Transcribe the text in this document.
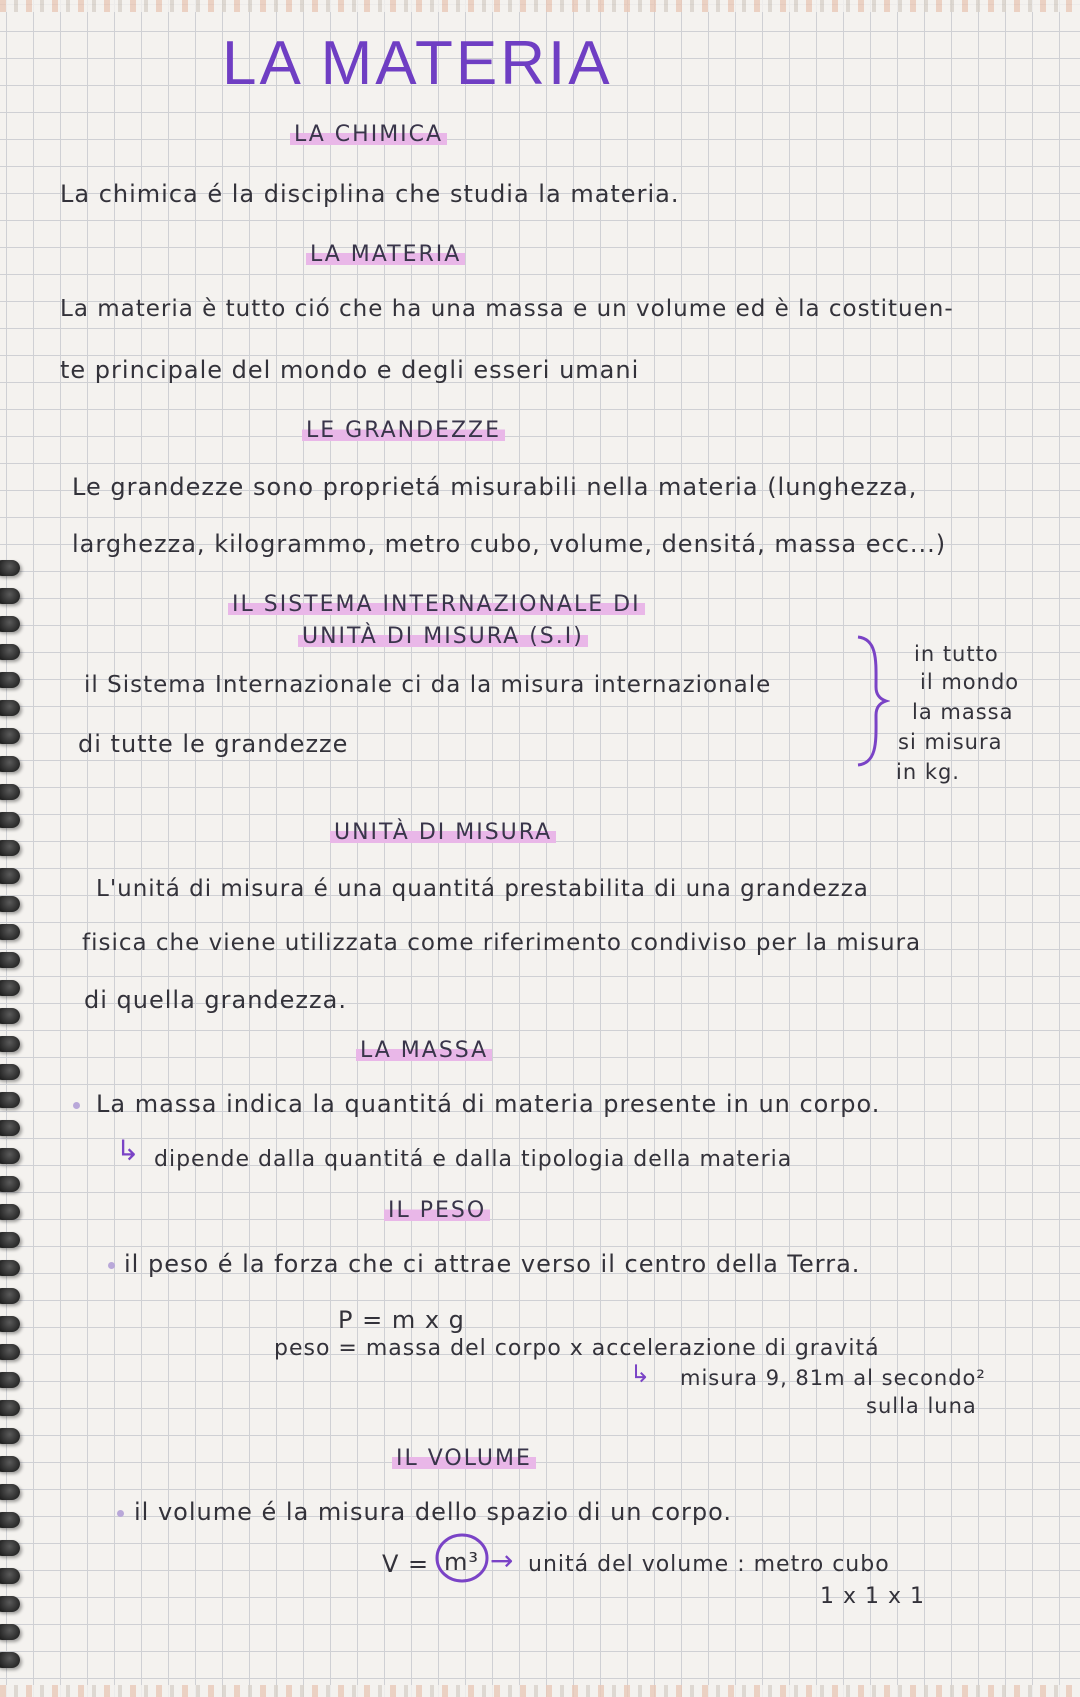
LA MATERIA
LA CHIMICA
La chimica é la disciplina che studia la materia.
LA MATERIA
La materia è tutto ció che ha una massa e un volume ed è la costituen-
te principale del mondo e degli esseri umani
LE GRANDEZZE
Le grandezze sono proprietá misurabili nella materia (lunghezza,
larghezza, kilogrammo, metro cubo, volume, densitá, massa ecc...)
IL SISTEMA INTERNAZIONALE DI
UNITÀ DI MISURA (S.I)
il Sistema Internazionale ci da la misura internazionale
di tutte le grandezze
in tutto
il mondo
la massa
si misura
in kg.
UNITÀ DI MISURA
L'unitá di misura é una quantitá prestabilita di una grandezza
fisica che viene utilizzata come riferimento condiviso per la misura
di quella grandezza.
LA MASSA
La massa indica la quantitá di materia presente in un corpo.
↳ dipende dalla quantitá e dalla tipologia della materia
IL PESO
il peso é la forza che ci attrae verso il centro della Terra.
P = m x g
peso = massa del corpo x accelerazione di gravitá
↳ misura 9, 81m al secondo²
sulla luna
IL VOLUME
il volume é la misura dello spazio di un corpo.
V = m³ → unitá del volume : metro cubo
1 x 1 x 1
